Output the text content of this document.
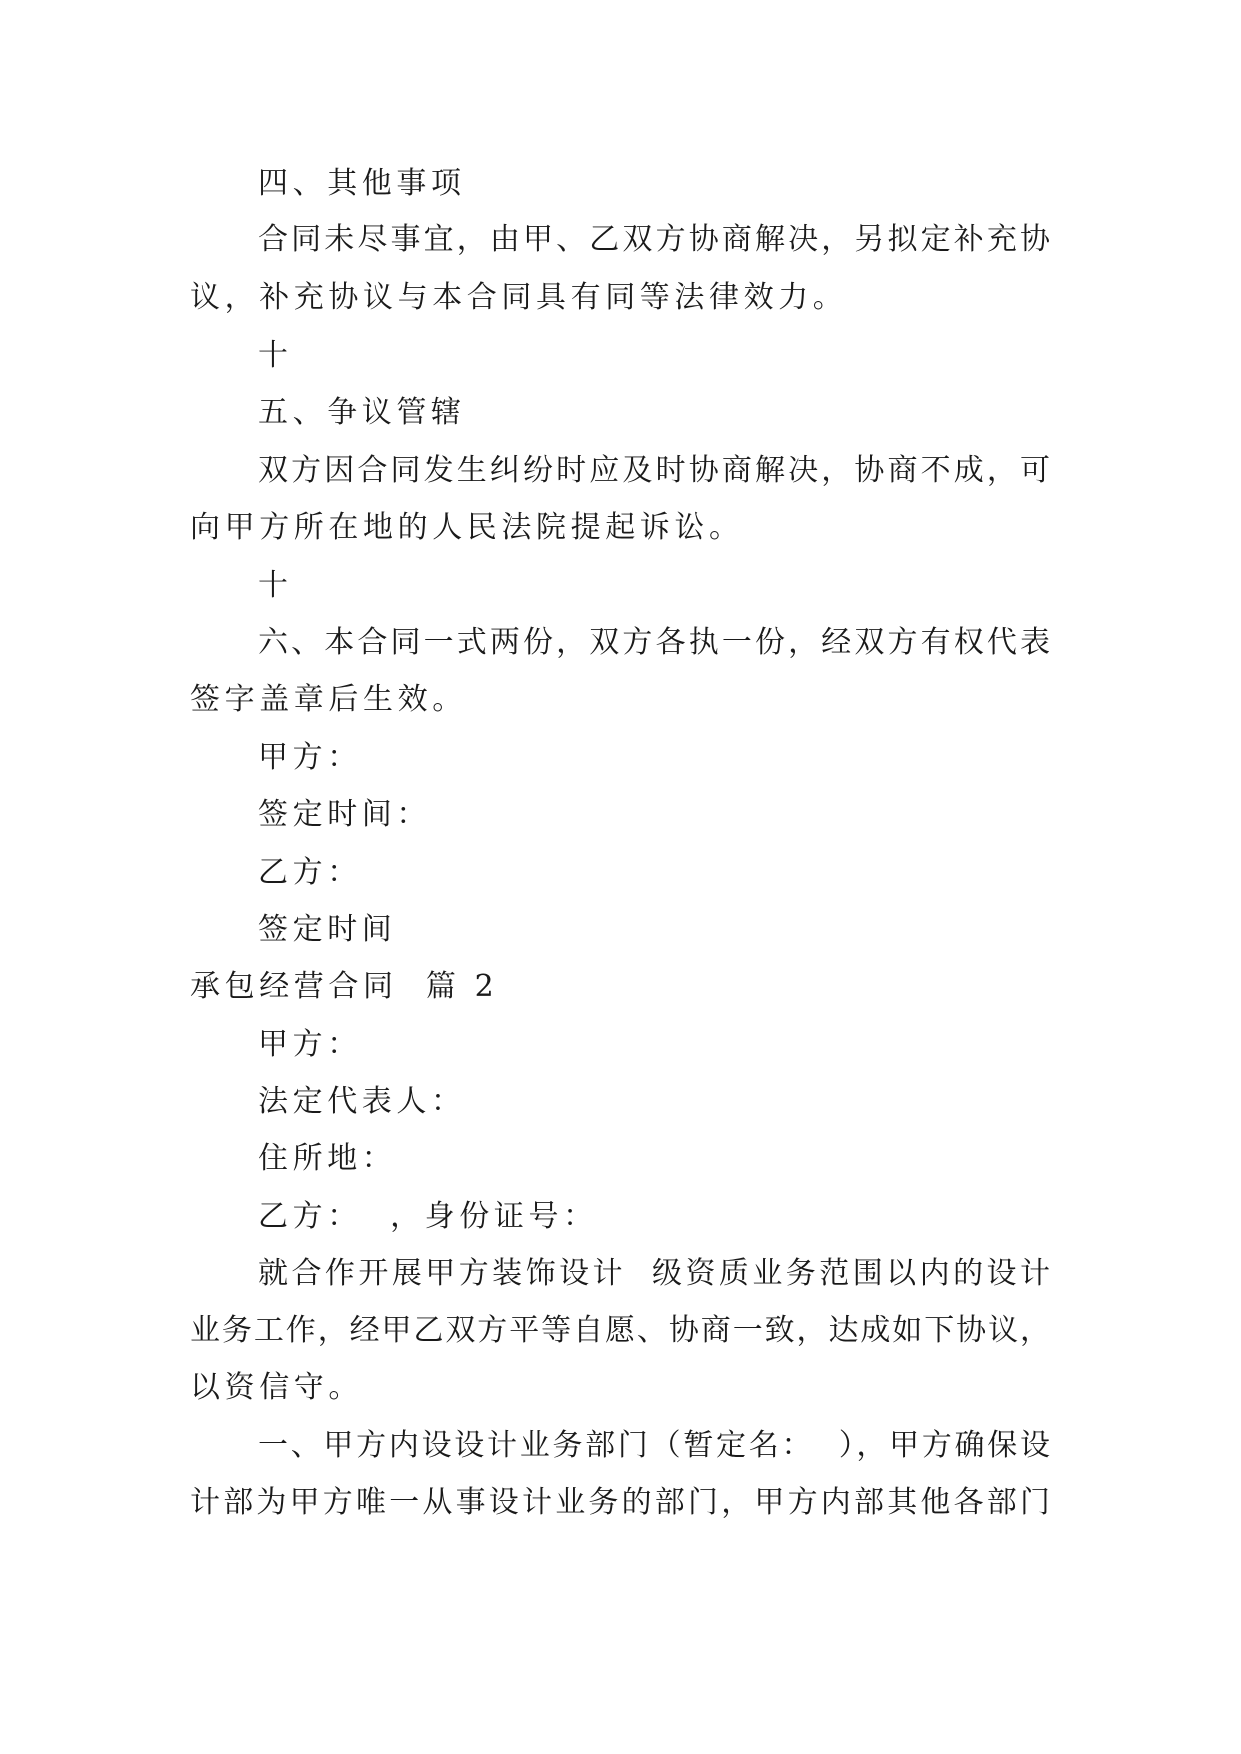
四、其他事项
合同未尽事宜，由甲、乙双方协商解决，另拟定补充协
议，补充协议与本合同具有同等法律效力。
十
五、争议管辖
双方因合同发生纠纷时应及时协商解决，协商不成，可
向甲方所在地的人民法院提起诉讼。
十
六、本合同一式两份，双方各执一份，经双方有权代表
签字盖章后生效。
甲方：
签定时间：
乙方：
签定时间
承包经营合同  篇 2
甲方：
法定代表人：
住所地：
乙方：  ，身份证号：
就合作开展甲方装饰设计  级资质业务范围以内的设计
业务工作，经甲乙双方平等自愿、协商一致，达成如下协议，
以资信守。
一、甲方内设设计业务部门（暂定名：  ），甲方确保设
计部为甲方唯一从事设计业务的部门，甲方内部其他各部门
